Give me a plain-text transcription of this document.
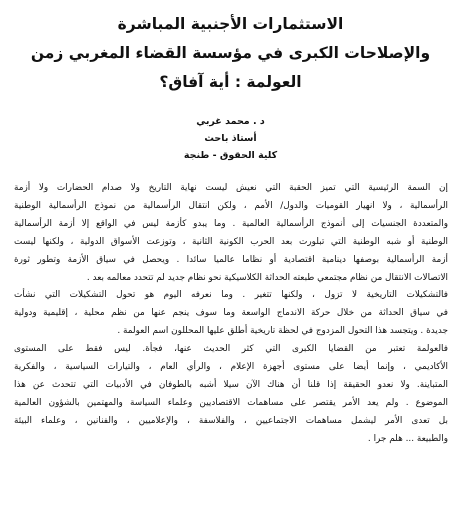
الاستثمارات الأجنبية المباشرة
والإصلاحات الكبرى في مؤسسة القضاء المغربي زمن
العولمة : أية آفاق؟
د . محمد غربي
أستاذ باحث
كلية الحقوق - طنجة
إن السمة الرئيسية التي تميز الحقبة التي نعيش ليست نهاية التاريخ ولا صدام الحضارات ولا أزمة
الرأسمالية ، ولا انهيار القوميات والدول/ الأمم ، ولكن انتقال الرأسمالية من نموذج الرأسمالية الوطنية
والمتعددة الجنسيات إلى أنموذج الرأسمالية العالمية . وما يبدو كأزمة ليس في الواقع إلا أزمة الرأسمالية
الوطنية أو شبه الوطنية التي تبلورت بعد الحرب الكونية الثانية ، وتوزعت الأسواق الدولية ، ولكنها ليست
أزمة الرأسمالية بوصفها دينامية اقتصادية أو نظاما عالميا سائدا . ويحصل في سياق الأزمة وتطور ثورة
الاتصالات الانتقال من نظام مجتمعي طبعته الحداثة الكلاسيكية نحو نظام جديد لم تتحدد معالمه بعد .
فالتشكيلات التاريخية لا تزول ، ولكنها تتغير . وما نعرفه اليوم هو تحول التشكيلات التي نشأت
في سياق الحداثة من خلال حركة الاندماج الواسعة وما سوف ينجم عنها من نظم محلية ، إقليمية ودولية
جديدة . ويتجسد هذا التحول المزدوج في لحظة تاريخية أطلق عليها المحللون اسم العولمة .
فالعولمة تعتبر من القضايا الكبرى التي كثر الحديث عنها، فجأة. ليس فقط على المستوى
الأكاديمي ، وإنما أيضا على مستوى أجهزة الإعلام ، والرأي العام ، والتيارات السياسية ، والفكرية
المتباينة. ولا نعدو الحقيقة إذا قلنا أن هناك الآن سيلا أشبه بالطوفان في الأدبيات التي تتحدث عن هذا
الموضوع . ولم يعد الأمر يقتصر على مساهمات الاقتصاديين وعلماء السياسة والمهتمين بالشؤون العالمية
بل تعدى الأمر ليشمل مساهمات الاجتماعيين ، والفلاسفة ، والإعلاميين ، والفنانين ، وعلماء البيئة
والطبيعة ... هلم جرا .
